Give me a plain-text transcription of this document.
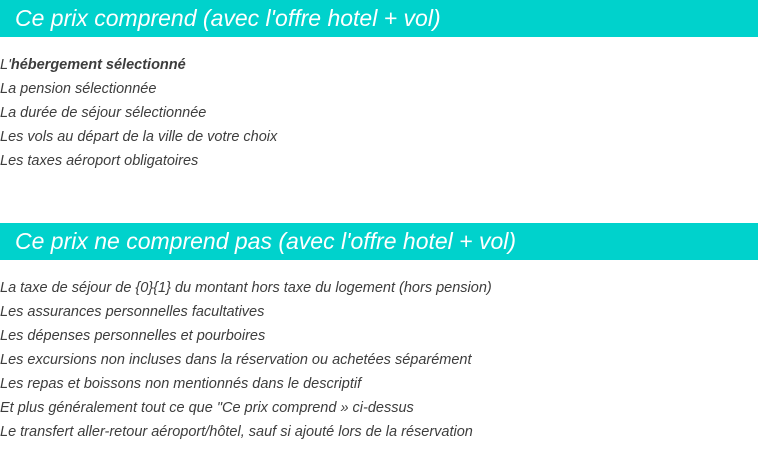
Ce prix comprend (avec l'offre hotel + vol)
L'hébergement sélectionné
La pension sélectionnée
La durée de séjour sélectionnée
Les vols au départ de la ville de votre choix
Les taxes aéroport obligatoires
Ce prix ne comprend pas (avec l'offre hotel + vol)
La taxe de séjour de {0}{1} du montant hors taxe du logement (hors pension)
Les assurances personnelles facultatives
Les dépenses personnelles et pourboires
Les excursions non incluses dans la réservation ou achetées séparément
Les repas et boissons non mentionnés dans le descriptif
Et plus généralement tout ce que "Ce prix comprend » ci-dessus
Le transfert aller-retour aéroport/hôtel, sauf si ajouté lors de la réservation
